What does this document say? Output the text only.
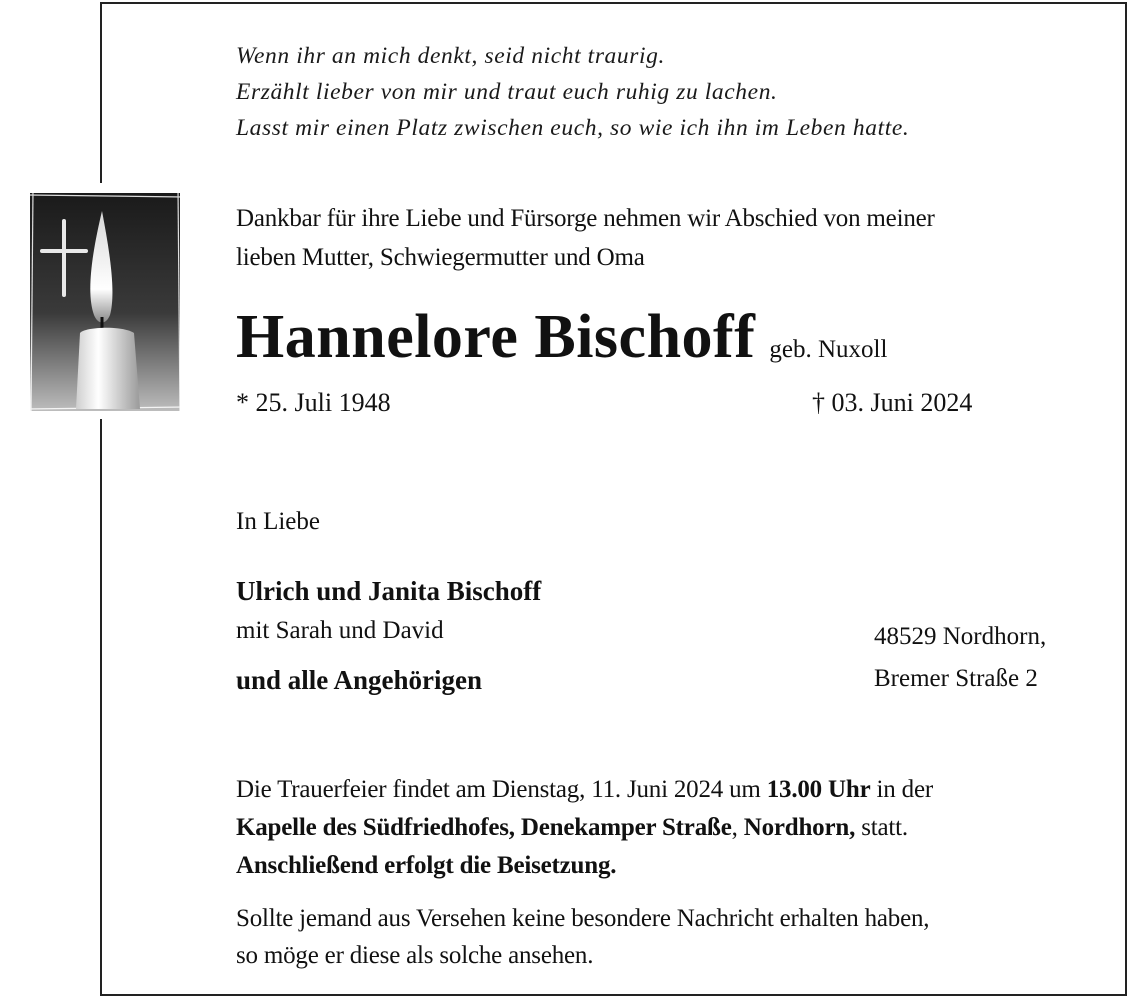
Wenn ihr an mich denkt, seid nicht traurig.
Erzählt lieber von mir und traut euch ruhig zu lachen.
Lasst mir einen Platz zwischen euch, so wie ich ihn im Leben hatte.
Dankbar für ihre Liebe und Fürsorge nehmen wir Abschied von meiner
lieben Mutter, Schwiegermutter und Oma
Hannelore Bischoff geb. Nuxoll
* 25. Juli 1948	† 03. Juni 2024
In Liebe
Ulrich und Janita Bischoff
mit Sarah und David
und alle Angehörigen
48529 Nordhorn,
Bremer Straße 2
Die Trauerfeier findet am Dienstag, 11. Juni 2024 um 13.00 Uhr in der
Kapelle des Südfriedhofes, Denekamper Straße, Nordhorn, statt.
Anschließend erfolgt die Beisetzung.
Sollte jemand aus Versehen keine besondere Nachricht erhalten haben,
so möge er diese als solche ansehen.
